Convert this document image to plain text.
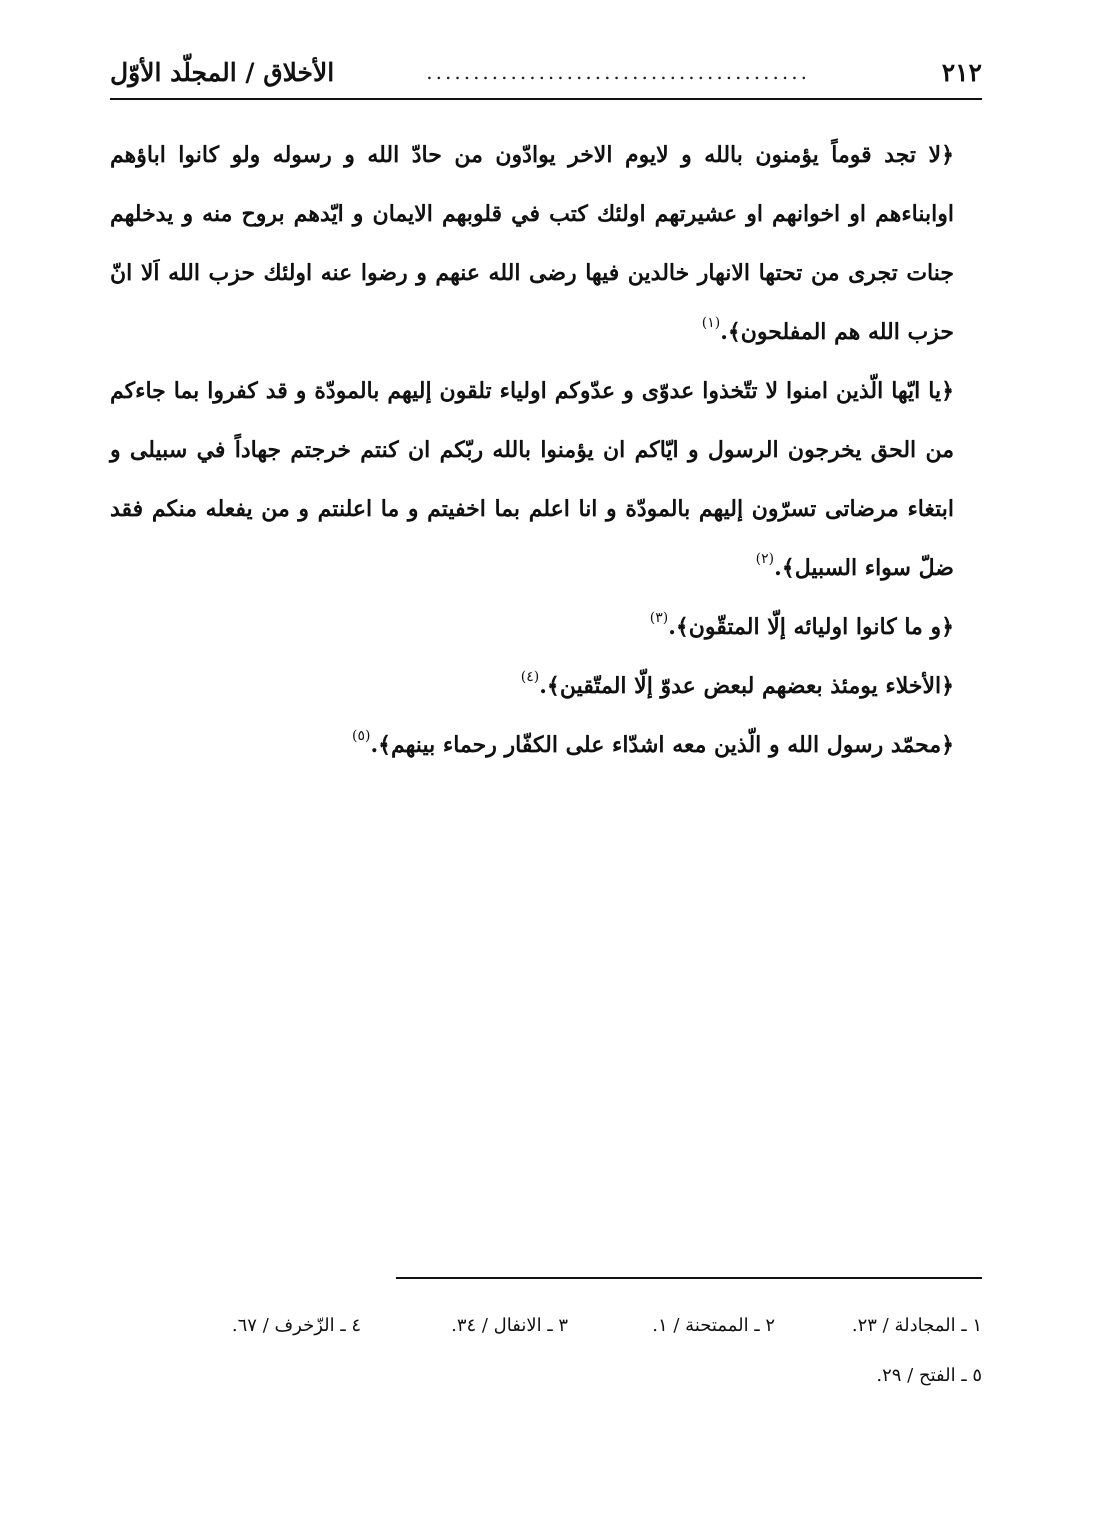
الأخلاق / المجلّد الأوّل	.........................................	٢١٢

﴿لا تجد قوماً يؤمنون بالله و لايوم الاخر يوادّون من حادّ الله و رسوله ولو كانوا اباؤهم اوابناءهم او اخوانهم او عشيرتهم اولئك كتب في قلوبهم الايمان و ايّدهم بروح منه و يدخلهم جنات تجرى من تحتها الانهار خالدين فيها رضى الله عنهم و رضوا عنه اولئك حزب الله اَلا انّ حزب الله هم المفلحون﴾.$^{(١)}$

﴿يا ايّها الّذين امنوا لا تتّخذوا عدوّى و عدّوكم اولياء تلقون إليهم بالمودّة و قد كفروا بما جاءكم من الحق يخرجون الرسول و ايّاكم ان يؤمنوا بالله ربّكم ان كنتم خرجتم جهاداً في سبيلى و ابتغاء مرضاتى تسرّون إليهم بالمودّة و انا اعلم بما اخفيتم و ما اعلنتم و من يفعله منكم فقد ضلّ سواء السبيل﴾.$^{(٢)}$

﴿و ما كانوا اوليائه إلّا المتقّون﴾.$^{(٣)}$

﴿الأخلاء يومئذ بعضهم لبعض عدوّ إلّا المتّقين﴾.$^{(٤)}$

﴿محمّد رسول الله و الّذين معه اشدّاء على الكفّار رحماء بينهم﴾.$^{(٥)}$

١ ـ المجادلة / ٢٣.
٢ ـ الممتحنة / ١.
٣ ـ الانفال / ٣٤.
٤ ـ الزّخرف / ٦٧.
٥ ـ الفتح / ٢٩.
